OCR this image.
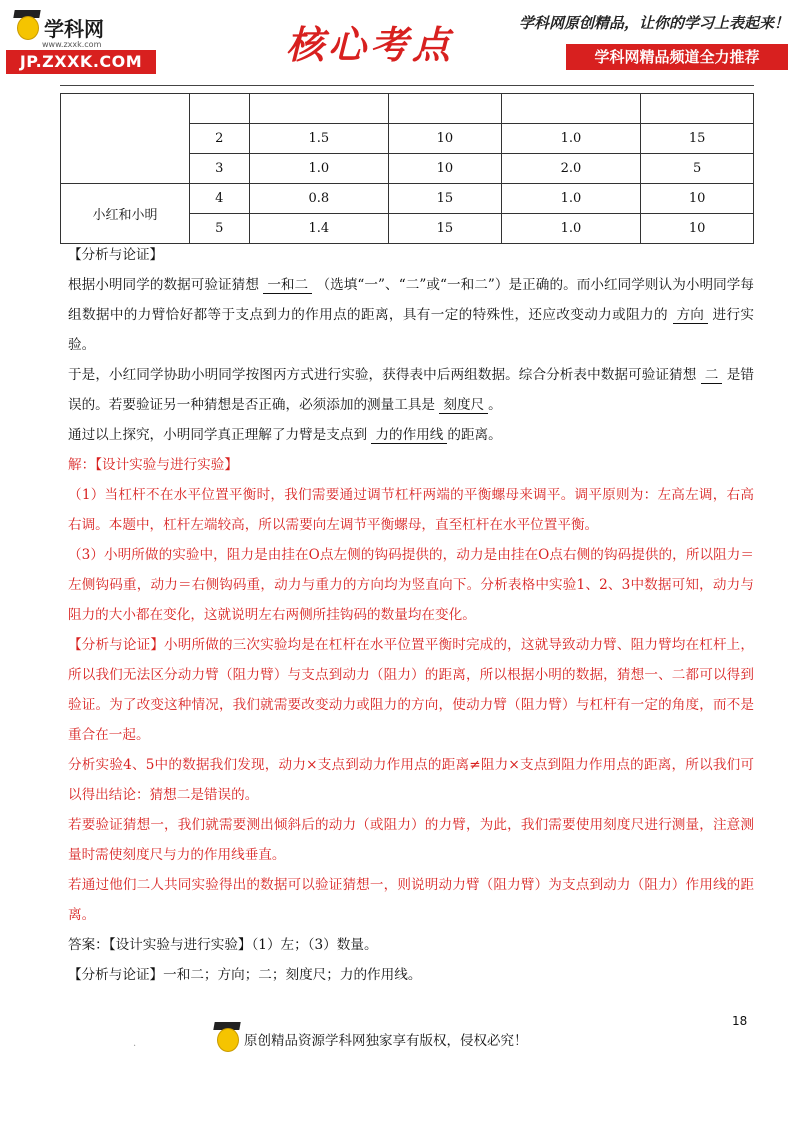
学科网
www.zxxk.com
JP.ZXXK.COM	核心考点	学科网原创精品，让你的学习上表起来！
学科网精品频道全力推荐

	2	1.5	10	1.0	15
	3	1.0	10	2.0	5
小红和小明	4	0.8	15	1.0	10
	5	1.4	15	1.0	10

【分析与论证】

根据小明同学的数据可验证猜想 一和二 （选填“一”、“二”或“一和二”）是正确的。而小红同学则认为小明同学每组数据中的力臂恰好都等于支点到力的作用点的距离，具有一定的特殊性，还应改变动力或阻力的 方向 进行实验。

于是，小红同学协助小明同学按图丙方式进行实验，获得表中后两组数据。综合分析表中数据可验证猜想 二 是错误的。若要验证另一种猜想是否正确，必须添加的测量工具是 刻度尺 。

通过以上探究，小明同学真正理解了力臂是支点到 力的作用线 的距离。

解：【设计实验与进行实验】

（1）当杠杆不在水平位置平衡时，我们需要通过调节杠杆两端的平衡螺母来调平。调平原则为：左高左调，右高右调。本题中，杠杆左端较高，所以需要向左调节平衡螺母，直至杠杆在水平位置平衡。

（3）小明所做的实验中，阻力是由挂在O点左侧的钩码提供的，动力是由挂在O点右侧的钩码提供的，所以阻力＝左侧钩码重，动力＝右侧钩码重，动力与重力的方向均为竖直向下。分析表格中实验1、2、3中数据可知，动力与阻力的大小都在变化，这就说明左右两侧所挂钩码的数量均在变化。

【分析与论证】小明所做的三次实验均是在杠杆在水平位置平衡时完成的，这就导致动力臂、阻力臂均在杠杆上，所以我们无法区分动力臂（阻力臂）与支点到动力（阻力）的距离，所以根据小明的数据，猜想一、二都可以得到验证。为了改变这种情况，我们就需要改变动力或阻力的方向，使动力臂（阻力臂）与杠杆有一定的角度，而不是重合在一起。

分析实验4、5中的数据我们发现，动力×支点到动力作用点的距离≠阻力×支点到阻力作用点的距离，所以我们可以得出结论：猜想二是错误的。

若要验证猜想一，我们就需要测出倾斜后的动力（或阻力）的力臂，为此，我们需要使用刻度尺进行测量，注意测量时需使刻度尺与力的作用线垂直。

若通过他们二人共同实验得出的数据可以验证猜想一，则说明动力臂（阻力臂）为支点到动力（阻力）作用线的距离。

答案：【设计实验与进行实验】（1）左；（3）数量。

【分析与论证】一和二；方向；二；刻度尺；力的作用线。

18
.	原创精品资源学科网独家享有版权，侵权必究！
